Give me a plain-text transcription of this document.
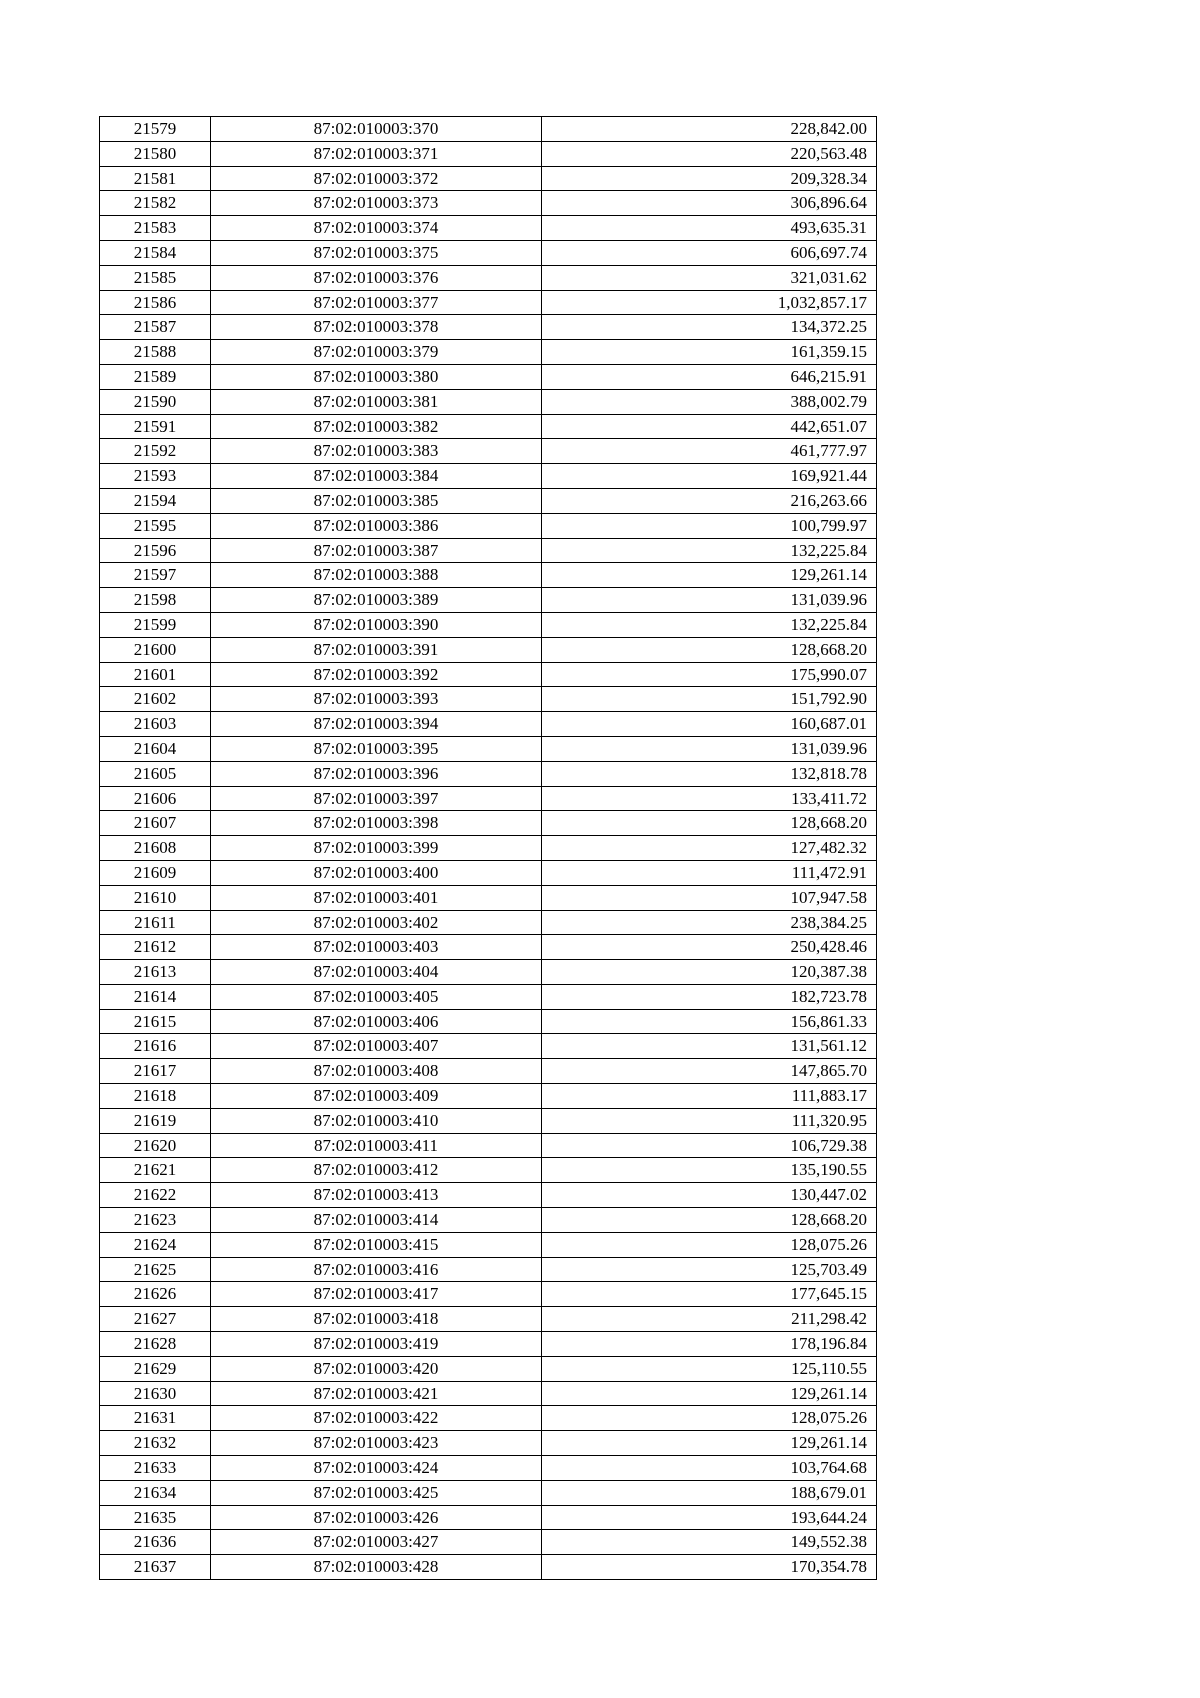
21579	87:02:010003:370	228,842.00
21580	87:02:010003:371	220,563.48
21581	87:02:010003:372	209,328.34
21582	87:02:010003:373	306,896.64
21583	87:02:010003:374	493,635.31
21584	87:02:010003:375	606,697.74
21585	87:02:010003:376	321,031.62
21586	87:02:010003:377	1,032,857.17
21587	87:02:010003:378	134,372.25
21588	87:02:010003:379	161,359.15
21589	87:02:010003:380	646,215.91
21590	87:02:010003:381	388,002.79
21591	87:02:010003:382	442,651.07
21592	87:02:010003:383	461,777.97
21593	87:02:010003:384	169,921.44
21594	87:02:010003:385	216,263.66
21595	87:02:010003:386	100,799.97
21596	87:02:010003:387	132,225.84
21597	87:02:010003:388	129,261.14
21598	87:02:010003:389	131,039.96
21599	87:02:010003:390	132,225.84
21600	87:02:010003:391	128,668.20
21601	87:02:010003:392	175,990.07
21602	87:02:010003:393	151,792.90
21603	87:02:010003:394	160,687.01
21604	87:02:010003:395	131,039.96
21605	87:02:010003:396	132,818.78
21606	87:02:010003:397	133,411.72
21607	87:02:010003:398	128,668.20
21608	87:02:010003:399	127,482.32
21609	87:02:010003:400	111,472.91
21610	87:02:010003:401	107,947.58
21611	87:02:010003:402	238,384.25
21612	87:02:010003:403	250,428.46
21613	87:02:010003:404	120,387.38
21614	87:02:010003:405	182,723.78
21615	87:02:010003:406	156,861.33
21616	87:02:010003:407	131,561.12
21617	87:02:010003:408	147,865.70
21618	87:02:010003:409	111,883.17
21619	87:02:010003:410	111,320.95
21620	87:02:010003:411	106,729.38
21621	87:02:010003:412	135,190.55
21622	87:02:010003:413	130,447.02
21623	87:02:010003:414	128,668.20
21624	87:02:010003:415	128,075.26
21625	87:02:010003:416	125,703.49
21626	87:02:010003:417	177,645.15
21627	87:02:010003:418	211,298.42
21628	87:02:010003:419	178,196.84
21629	87:02:010003:420	125,110.55
21630	87:02:010003:421	129,261.14
21631	87:02:010003:422	128,075.26
21632	87:02:010003:423	129,261.14
21633	87:02:010003:424	103,764.68
21634	87:02:010003:425	188,679.01
21635	87:02:010003:426	193,644.24
21636	87:02:010003:427	149,552.38
21637	87:02:010003:428	170,354.78
